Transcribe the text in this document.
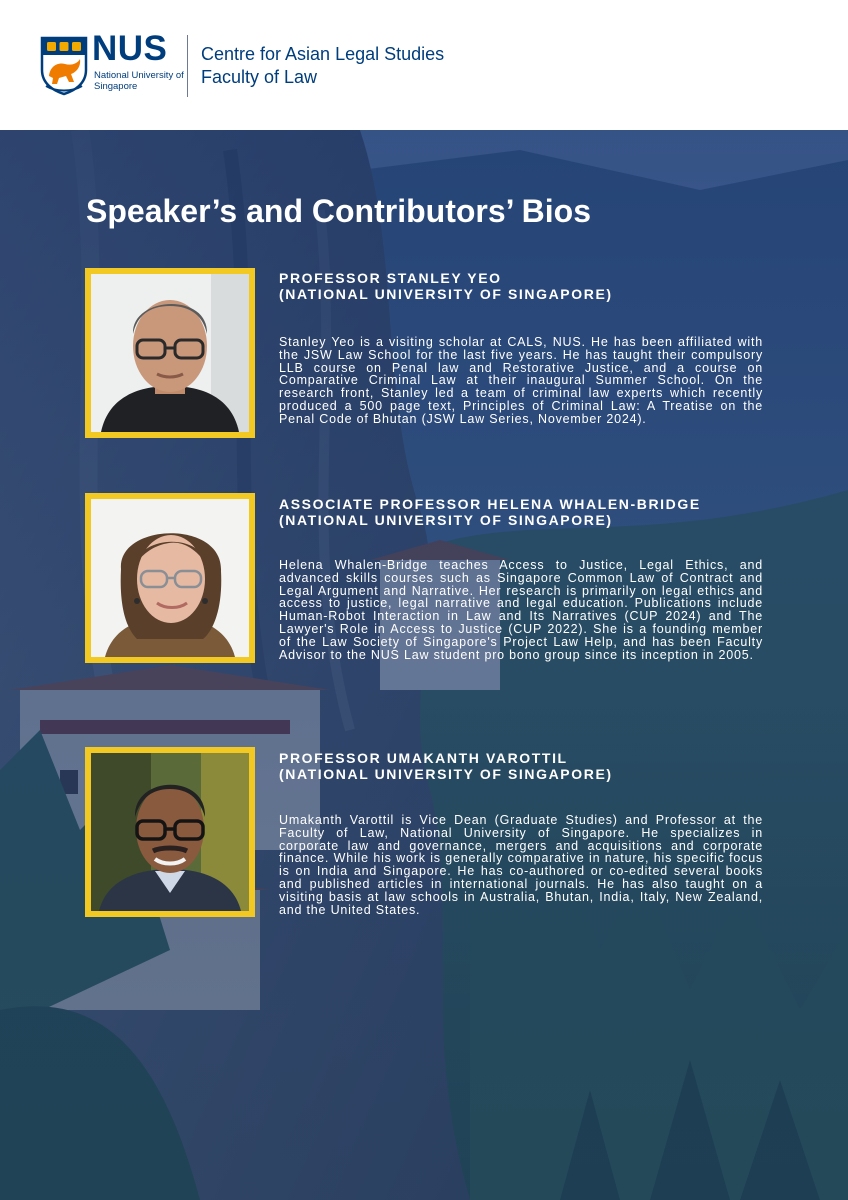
NUS
National University of Singapore
Centre for Asian Legal Studies
Faculty of Law
Speaker’s and Contributors’ Bios
PROFESSOR STANLEY YEO
(NATIONAL UNIVERSITY OF SINGAPORE)

Stanley Yeo is a visiting scholar at CALS, NUS. He has been affiliated with the JSW Law School for the last five years. He has taught their compulsory LLB course on Penal law and Restorative Justice, and a course on Comparative Criminal Law at their inaugural Summer School. On the research front, Stanley led a team of criminal law experts which recently produced a 500 page text, Principles of Criminal Law: A Treatise on the Penal Code of Bhutan (JSW Law Series, November 2024).

ASSOCIATE PROFESSOR HELENA WHALEN-BRIDGE
(NATIONAL UNIVERSITY OF SINGAPORE)

Helena Whalen-Bridge teaches Access to Justice, Legal Ethics, and advanced skills courses such as Singapore Common Law of Contract and Legal Argument and Narrative. Her research is primarily on legal ethics and access to justice, legal narrative and legal education. Publications include Human-Robot Interaction in Law and Its Narratives (CUP 2024) and The Lawyer's Role in Access to Justice (CUP 2022). She is a founding member of the Law Society of Singapore's Project Law Help, and has been Faculty Advisor to the NUS Law student pro bono group since its inception in 2005.

PROFESSOR UMAKANTH VAROTTIL
(NATIONAL UNIVERSITY OF SINGAPORE)

Umakanth Varottil is Vice Dean (Graduate Studies) and Professor at the Faculty of Law, National University of Singapore. He specializes in corporate law and governance, mergers and acquisitions and corporate finance. While his work is generally comparative in nature, his specific focus is on India and Singapore. He has co-authored or co-edited several books and published articles in international journals. He has also taught on a visiting basis at law schools in Australia, Bhutan, India, Italy, New Zealand, and the United States.
